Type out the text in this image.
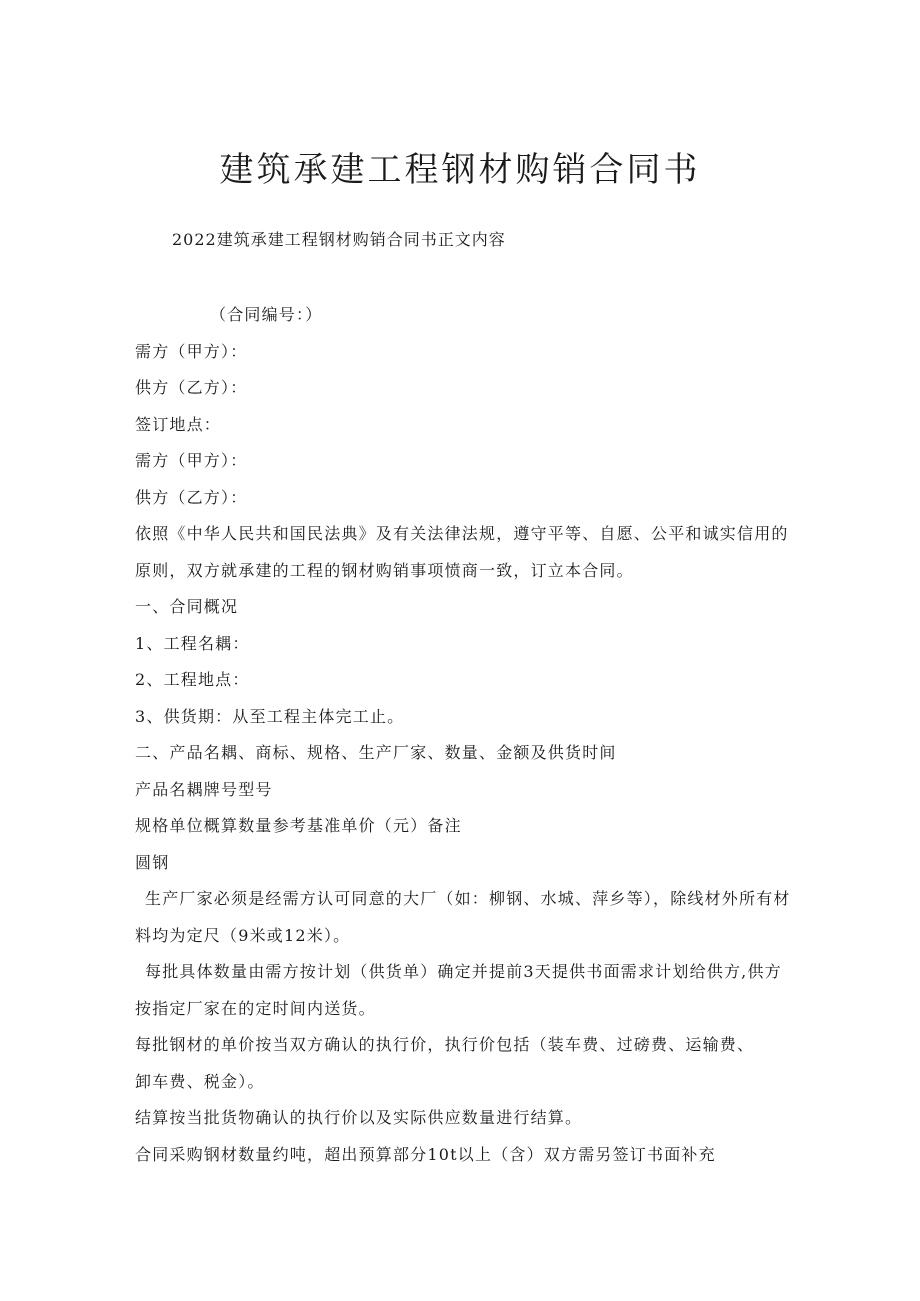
建筑承建工程钢材购销合同书
2022建筑承建工程钢材购销合同书正文内容
（合同编号：）
需方（甲方）：
供方（乙方）：
签订地点：
需方（甲方）：
供方（乙方）：
依照《中华人民共和国民法典》及有关法律法规，遵守平等、自愿、公平和诚实信用的
原则，双方就承建的工程的钢材购销事项愤商一致，订立本合同。
一、合同概况
1、工程名耦：
2、工程地点：
3、供货期：从至工程主体完工止。
二、产品名耦、商标、规格、生产厂家、数量、金额及供货时间
产品名耦牌号型号
规格单位概算数量参考基准单价（元）备注
圆钢
生产厂家必须是经需方认可同意的大厂（如：柳钢、水城、萍乡等），除线材外所有材
料均为定尺（9米或12米）。
每批具体数量由需方按计划（供货单）确定并提前3天提供书面需求计划给供方,供方
按指定厂家在的定时间内送货。
每批钢材的单价按当双方确认的执行价，执行价包括（装车费、过磅费、运输费、
卸车费、税金）。
结算按当批货物确认的执行价以及实际供应数量进行结算。
合同采购钢材数量约吨，超出预算部分10t以上（含）双方需另签订书面补充
